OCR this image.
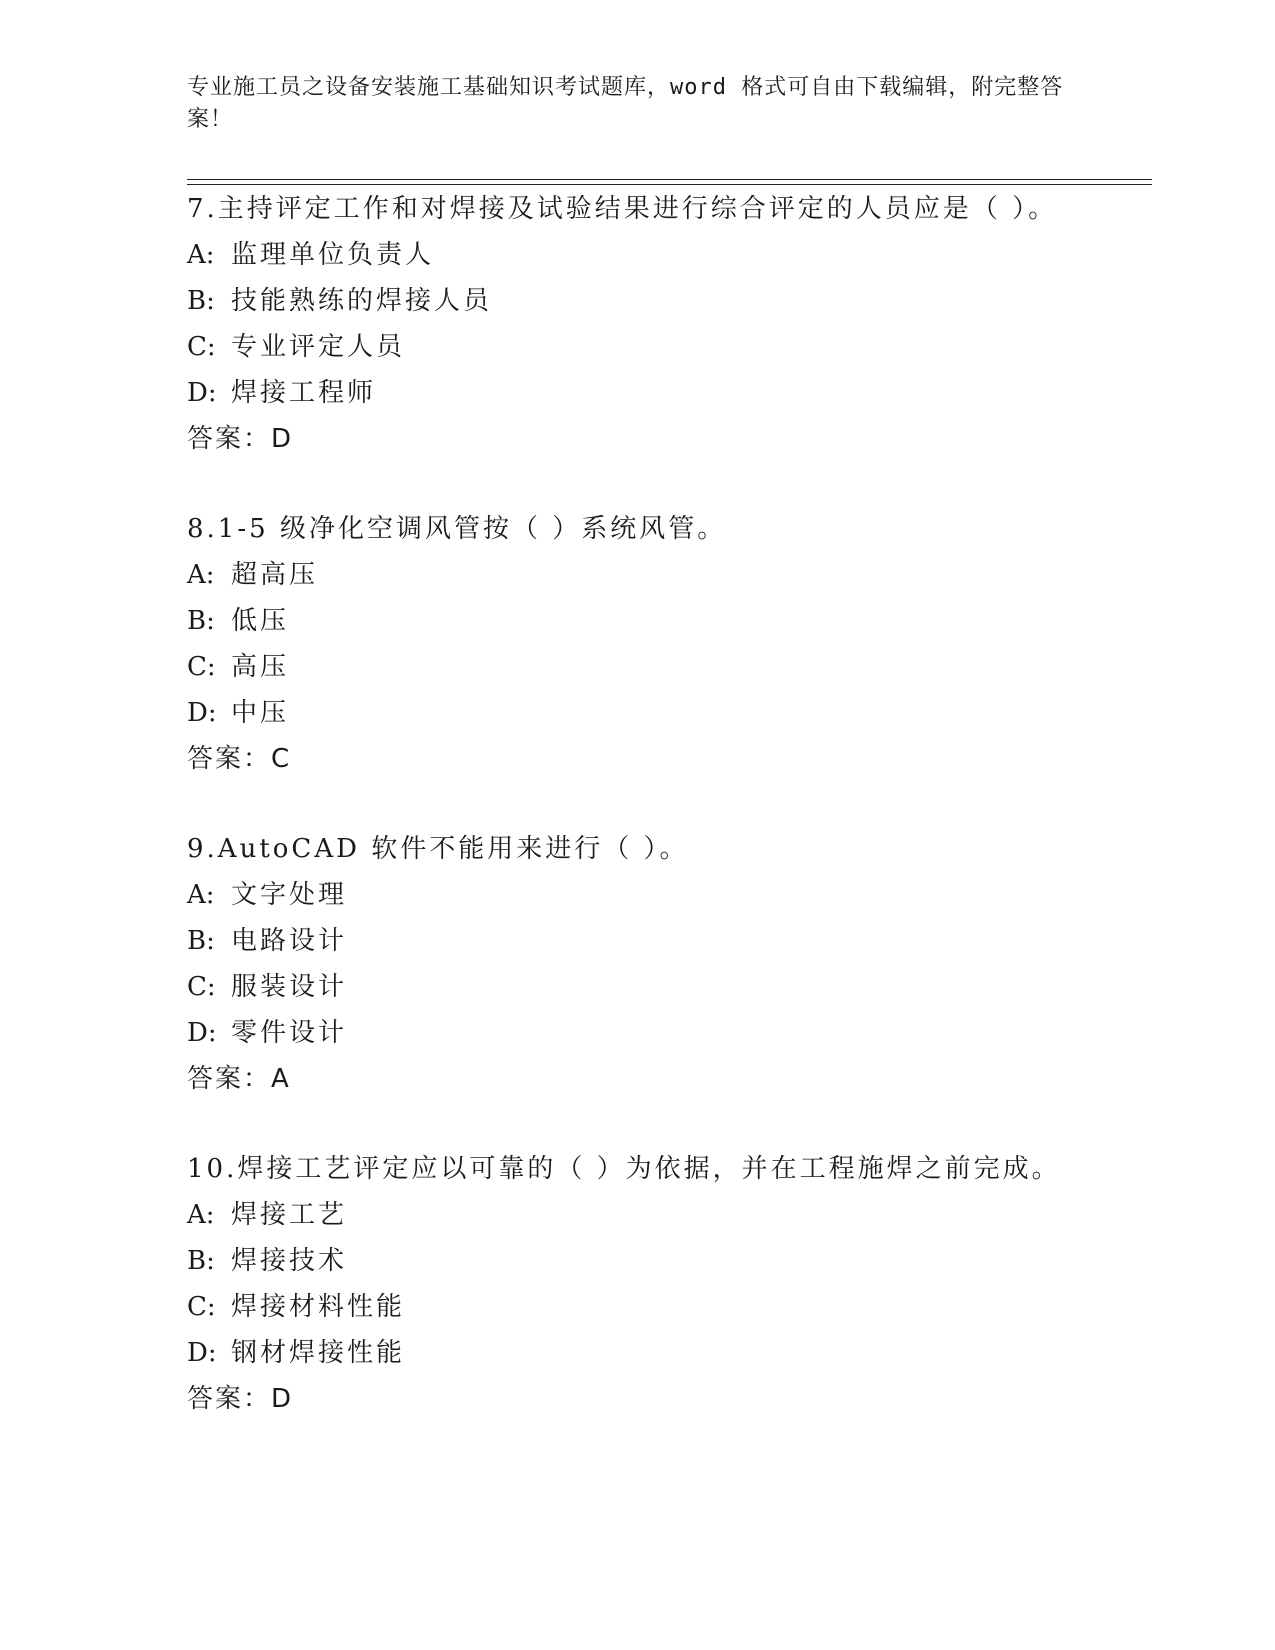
专业施工员之设备安装施工基础知识考试题库，word 格式可自由下载编辑，附完整答案！
7.主持评定工作和对焊接及试验结果进行综合评定的人员应是（ ）。
A: 监理单位负责人
B: 技能熟练的焊接人员
C: 专业评定人员
D: 焊接工程师
答案：D
8.1-5 级净化空调风管按（ ）系统风管。
A: 超高压
B: 低压
C: 高压
D: 中压
答案：C
9.AutoCAD 软件不能用来进行（ ）。
A: 文字处理
B: 电路设计
C: 服装设计
D: 零件设计
答案：A
10.焊接工艺评定应以可靠的（ ）为依据，并在工程施焊之前完成。
A: 焊接工艺
B: 焊接技术
C: 焊接材料性能
D: 钢材焊接性能
答案：D
